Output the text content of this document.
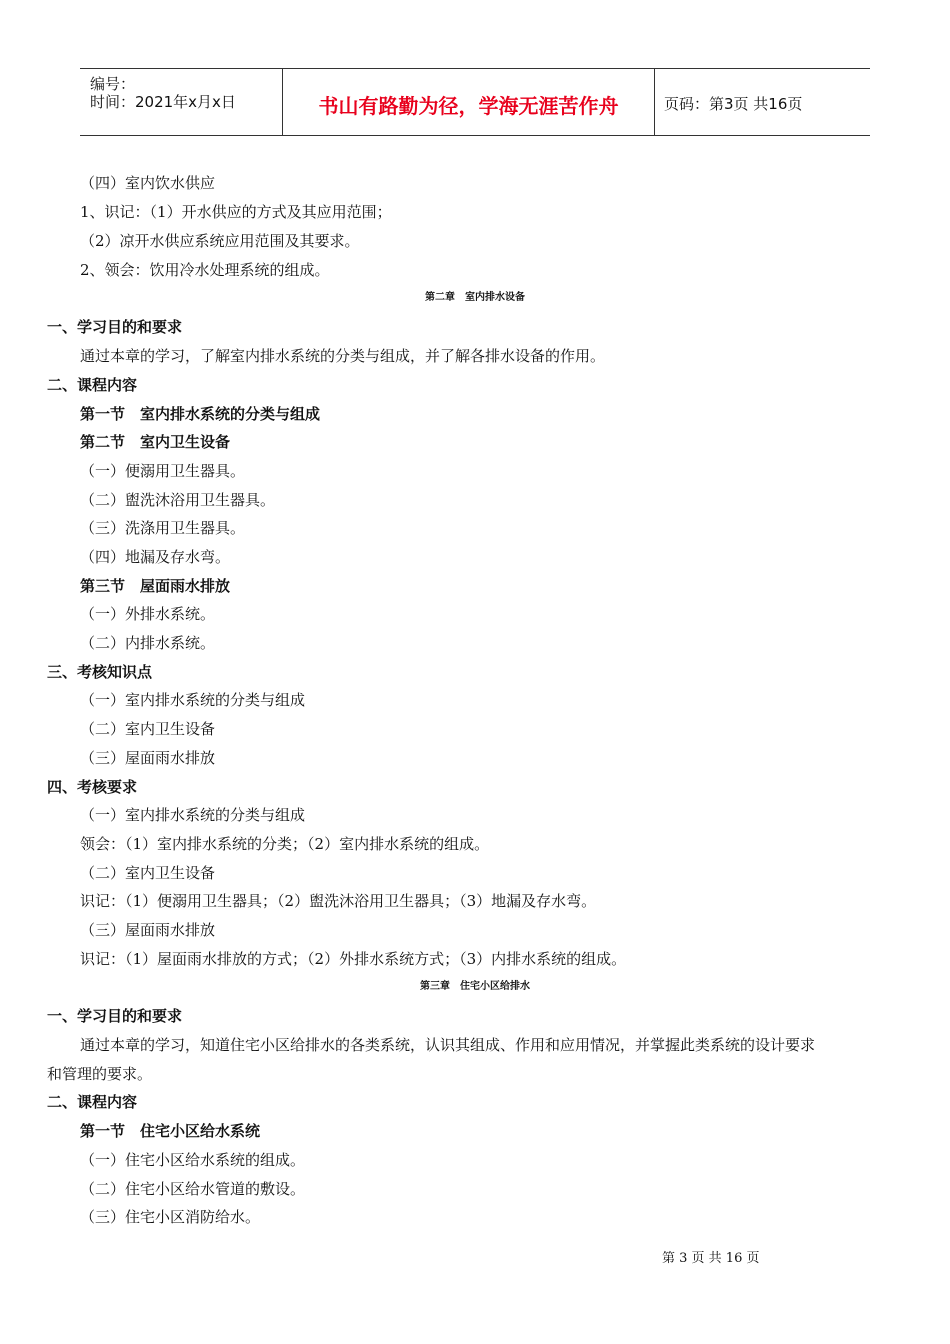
编号：
时间：2021年x月x日	书山有路勤为径，学海无涯苦作舟	页码：第3页 共16页
（四）室内饮水供应
1、识记：（1）开水供应的方式及其应用范围；
（2）凉开水供应系统应用范围及其要求。
2、领会：饮用冷水处理系统的组成。
第二章　室内排水设备
一、学习目的和要求
通过本章的学习，了解室内排水系统的分类与组成，并了解各排水设备的作用。
二、课程内容
第一节　室内排水系统的分类与组成
第二节　室内卫生设备
（一）便溺用卫生器具。
（二）盥洗沐浴用卫生器具。
（三）洗涤用卫生器具。
（四）地漏及存水弯。
第三节　屋面雨水排放
（一）外排水系统。
（二）内排水系统。
三、考核知识点
（一）室内排水系统的分类与组成
（二）室内卫生设备
（三）屋面雨水排放
四、考核要求
（一）室内排水系统的分类与组成
领会：（1）室内排水系统的分类；（2）室内排水系统的组成。
（二）室内卫生设备
识记：（1）便溺用卫生器具；（2）盥洗沐浴用卫生器具；（3）地漏及存水弯。
（三）屋面雨水排放
识记：（1）屋面雨水排放的方式；（2）外排水系统方式；（3）内排水系统的组成。
第三章　住宅小区给排水
一、学习目的和要求
通过本章的学习，知道住宅小区给排水的各类系统，认识其组成、作用和应用情况，并掌握此类系统的设计要求
和管理的要求。
二、课程内容
第一节　住宅小区给水系统
（一）住宅小区给水系统的组成。
（二）住宅小区给水管道的敷设。
（三）住宅小区消防给水。
第 3 页 共 16 页
